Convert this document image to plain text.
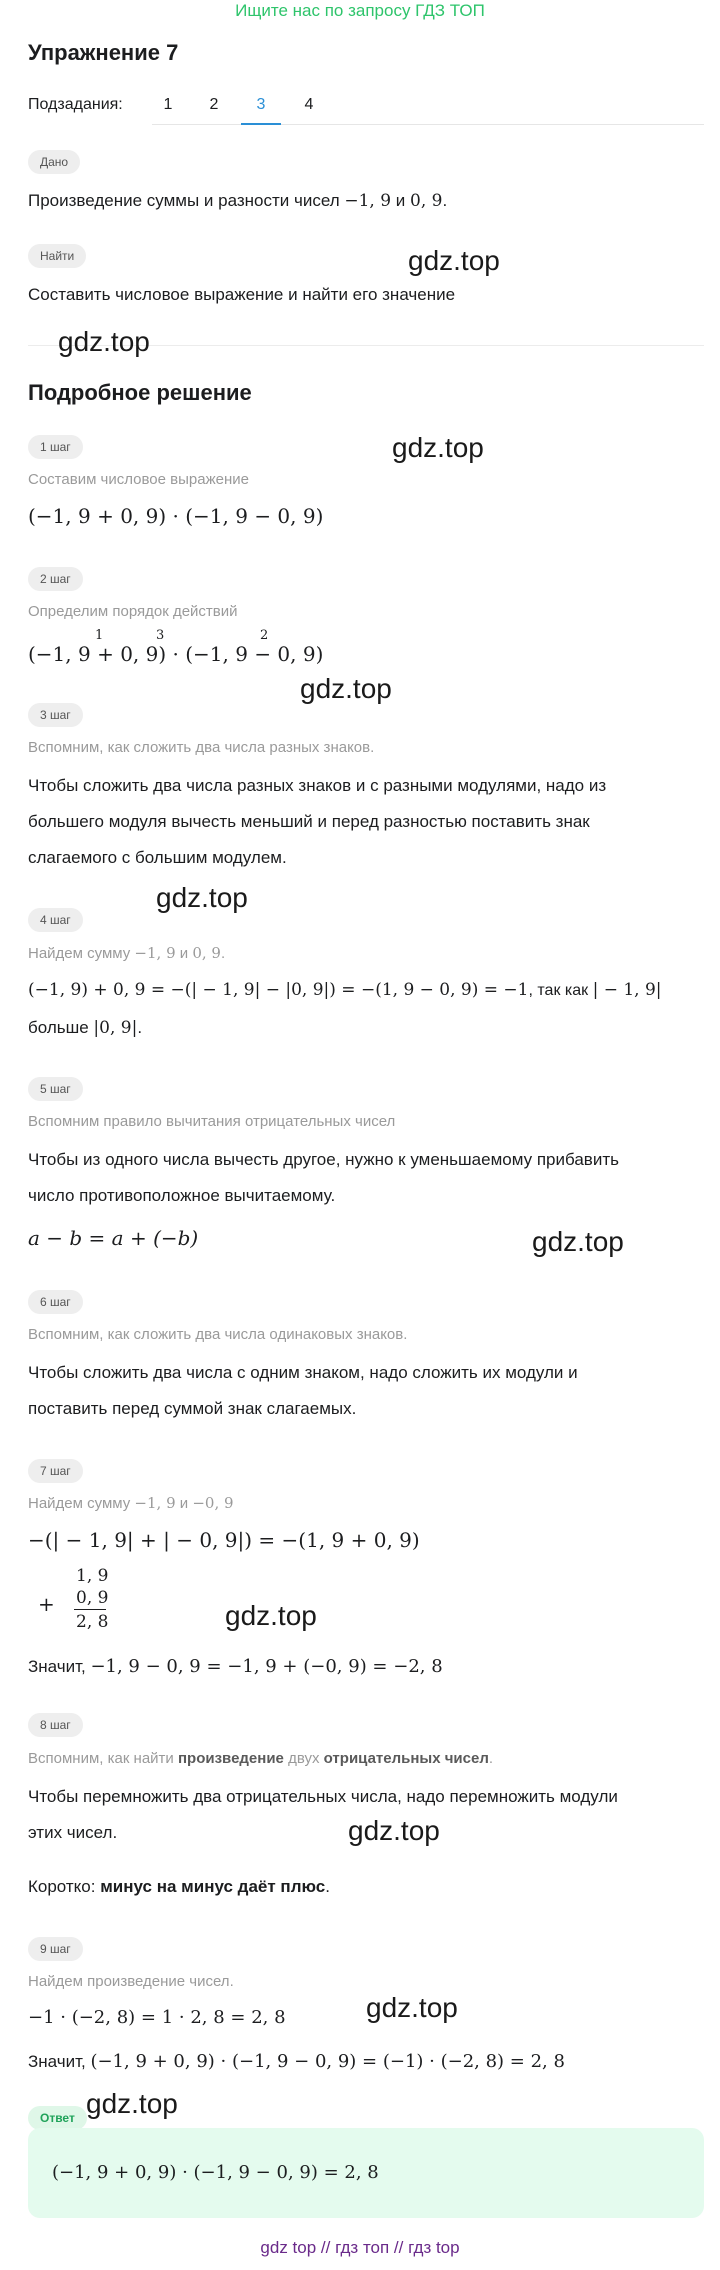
Ищите нас по запросу ГДЗ ТОП
Упражнение 7
Подзадания:	1	2	3	4
Дано
Произведение суммы и разности чисел −1, 9 и 0, 9.
Найти
Составить числовое выражение и найти его значение
Подробное решение
1 шаг
Составим числовое выражение
(−1, 9 + 0, 9) · (−1, 9 − 0, 9)
2 шаг
Определим порядок действий
1	3	2
(−1, 9 + 0, 9) · (−1, 9 − 0, 9)
3 шаг
Вспомним, как сложить два числа разных знаков.
Чтобы сложить два числа разных знаков и с разными модулями, надо из
большего модуля вычесть меньший и перед разностью поставить знак
слагаемого с большим модулем.
4 шаг
Найдем сумму −1, 9 и 0, 9.
(−1, 9) + 0, 9 = −(| − 1, 9| − |0, 9|) = −(1, 9 − 0, 9) = −1, так как | − 1, 9|
больше |0, 9|.
5 шаг
Вспомним правило вычитания отрицательных чисел
Чтобы из одного числа вычесть другое, нужно к уменьшаемому прибавить
число противоположное вычитаемому.
a − b = a + (−b)
6 шаг
Вспомним, как сложить два числа одинаковых знаков.
Чтобы сложить два числа с одним знаком, надо сложить их модули и
поставить перед суммой знак слагаемых.
7 шаг
Найдем сумму −1, 9 и −0, 9
−(| − 1, 9| + | − 0, 9|) = −(1, 9 + 0, 9)
+
1, 9
0, 9
2, 8
Значит, −1, 9 − 0, 9 = −1, 9 + (−0, 9) = −2, 8
8 шаг
Вспомним, как найти произведение двух отрицательных чисел.
Чтобы перемножить два отрицательных числа, надо перемножить модули
этих чисел.
Коротко: минус на минус даёт плюс.
9 шаг
Найдем произведение чисел.
−1 · (−2, 8) = 1 · 2, 8 = 2, 8
Значит, (−1, 9 + 0, 9) · (−1, 9 − 0, 9) = (−1) · (−2, 8) = 2, 8
Ответ
(−1, 9 + 0, 9) · (−1, 9 − 0, 9) = 2, 8
gdz.top
gdz.top
gdz.top
gdz.top
gdz.top
gdz.top
gdz.top
gdz.top
gdz.top
gdz.top
gdz top // гдз топ // гдз top
